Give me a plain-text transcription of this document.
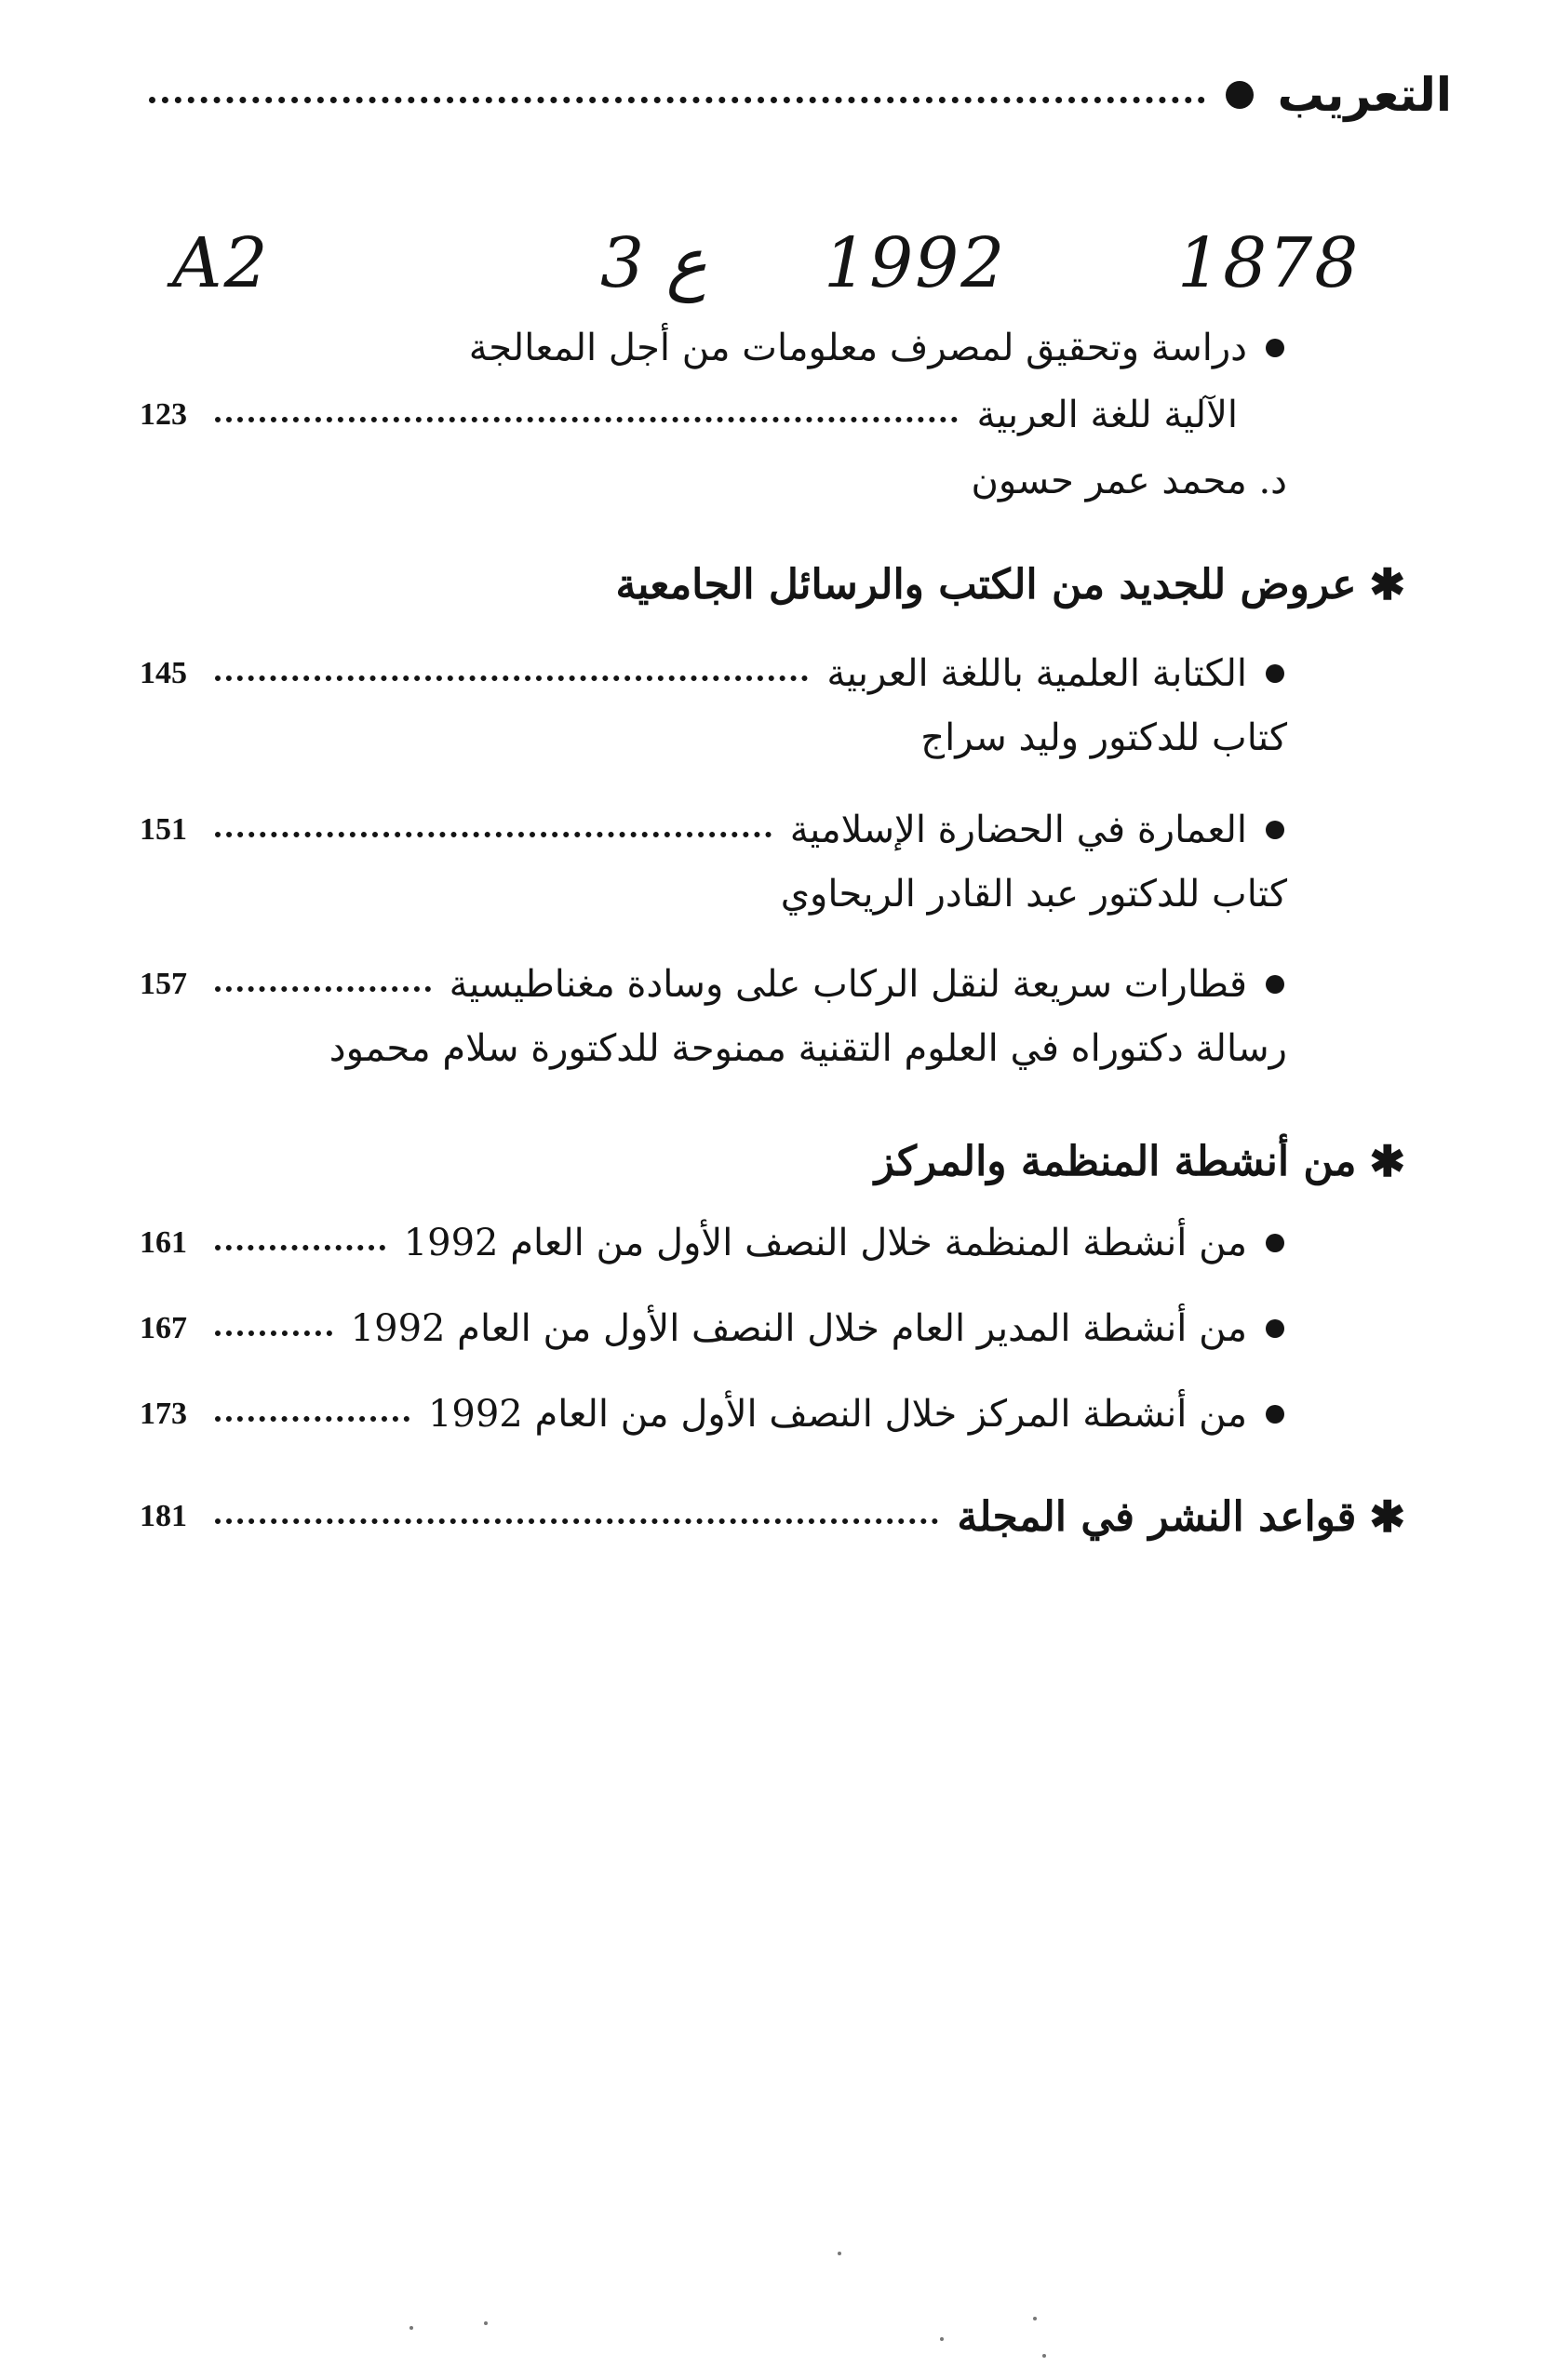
التعريب
1878
1992
3 ع
A2
دراسة وتحقيق لمصرف معلومات من أجل المعالجة
الآلية للغة العربية
123
د. محمد عمر حسون
✱
عروض للجديد من الكتب والرسائل الجامعية
الكتابة العلمية باللغة العربية
145
كتاب للدكتور وليد سراج
العمارة في الحضارة الإسلامية
151
كتاب للدكتور عبد القادر الريحاوي
قطارات سريعة لنقل الركاب على وسادة مغناطيسية
157
رسالة دكتوراه في العلوم التقنية ممنوحة للدكتورة سلام محمود
✱
من أنشطة المنظمة والمركز
من أنشطة المنظمة خلال النصف الأول من العام 1992
161
من أنشطة المدير العام خلال النصف الأول من العام 1992
167
من أنشطة المركز خلال النصف الأول من العام 1992
173
✱
قواعد النشر في المجلة
181
